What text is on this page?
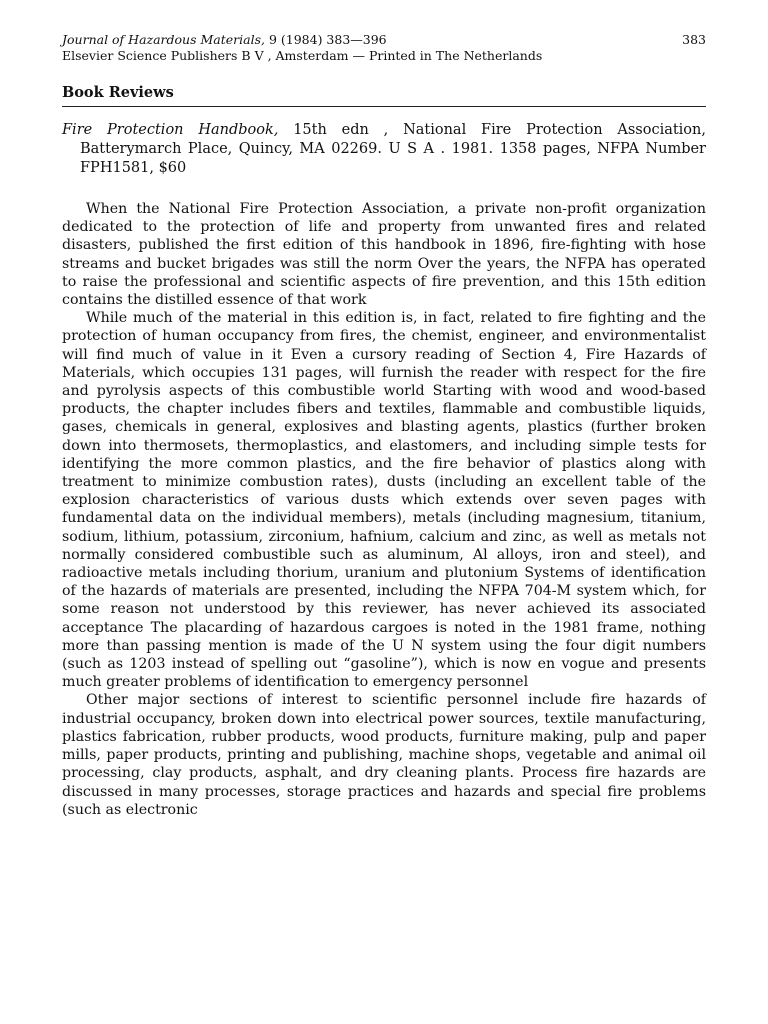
Journal of Hazardous Materials, 9 (1984) 383—396	383
Elsevier Science Publishers B V , Amsterdam — Printed in The Netherlands
Book Reviews
Fire Protection Handbook, 15th edn , National Fire Protection Association, Batterymarch Place, Quincy, MA 02269. U S A . 1981. 1358 pages, NFPA Number FPH1581, $60

When the National Fire Protection Association, a private non-profit organization dedicated to the protection of life and property from unwanted fires and related disasters, published the first edition of this handbook in 1896, fire-fighting with hose streams and bucket brigades was still the norm Over the years, the NFPA has operated to raise the professional and scientific aspects of fire prevention, and this 15th edition contains the distilled essence of that work

While much of the material in this edition is, in fact, related to fire fighting and the protection of human occupancy from fires, the chemist, engineer, and environmentalist will find much of value in it Even a cursory reading of Section 4, Fire Hazards of Materials, which occupies 131 pages, will furnish the reader with respect for the fire and pyrolysis aspects of this combustible world Starting with wood and wood-based products, the chapter includes fibers and textiles, flammable and combustible liquids, gases, chemicals in general, explosives and blasting agents, plastics (further broken down into thermosets, thermoplastics, and elastomers, and including simple tests for identifying the more common plastics, and the fire behavior of plastics along with treatment to minimize combustion rates), dusts (including an excellent table of the explosion characteristics of various dusts which extends over seven pages with fundamental data on the individual members), metals (including magnesium, titanium, sodium, lithium, potassium, zirconium, hafnium, calcium and zinc, as well as metals not normally considered combustible such as aluminum, Al alloys, iron and steel), and radioactive metals including thorium, uranium and plutonium Systems of identification of the hazards of materials are presented, including the NFPA 704-M system which, for some reason not understood by this reviewer, has never achieved its associated acceptance The placarding of hazardous cargoes is noted in the 1981 frame, nothing more than passing mention is made of the U N system using the four digit numbers (such as 1203 instead of spelling out “gasoline”), which is now en vogue and presents much greater problems of identification to emergency personnel

Other major sections of interest to scientific personnel include fire hazards of industrial occupancy, broken down into electrical power sources, textile manufacturing, plastics fabrication, rubber products, wood products, furniture making, pulp and paper mills, paper products, printing and publishing, machine shops, vegetable and animal oil processing, clay products, asphalt, and dry cleaning plants. Process fire hazards are discussed in many processes, storage practices and hazards and special fire problems (such as electronic
